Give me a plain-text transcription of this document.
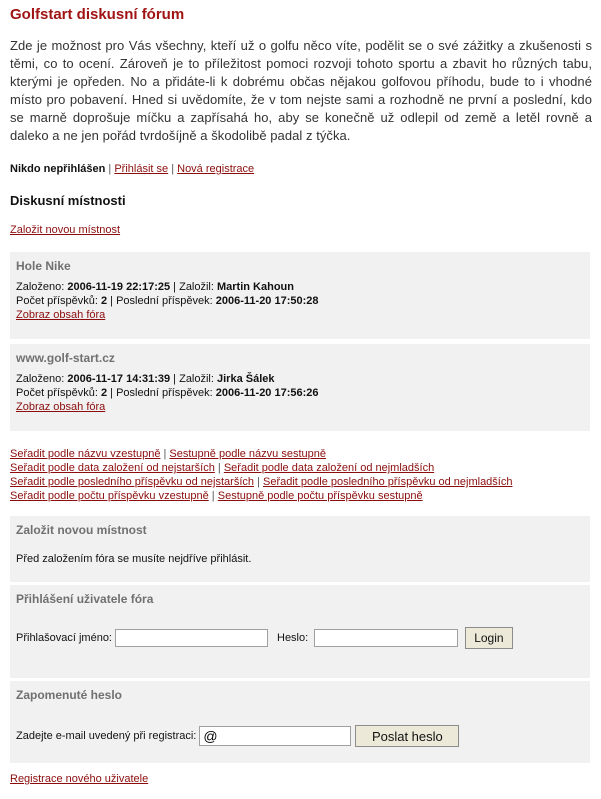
Golfstart diskusní fórum

Zde je možnost pro Vás všechny, kteří už o golfu něco víte, podělit se o své zážitky a zkušenosti s těmi, co to ocení. Zároveň je to příležitost pomoci rozvoji tohoto sportu a zbavit ho různých tabu, kterými je opředen. No a přidáte-li k dobrému občas nějakou golfovou příhodu, bude to i vhodné místo pro pobavení. Hned si uvědomíte, že v tom nejste sami a rozhodně ne první a poslední, kdo se marně doprošuje míčku a zapřísahá ho, aby se konečně už odlepil od země a letěl rovně a daleko a ne jen pořád tvrdošíjně a škodolibě padal z týčka.

Nikdo nepřihlášen | Přihlásit se | Nová registrace
Diskusní místnosti
Založit novou místnost
Hole Nike
Založeno: 2006-11-19 22:17:25 | Založil: Martin Kahoun
Počet příspěvků: 2 | Poslední příspěvek: 2006-11-20 17:50:28
Zobraz obsah fóra
www.golf-start.cz
Založeno: 2006-11-17 14:31:39 | Založil: Jirka Šálek
Počet příspěvků: 2 | Poslední příspěvek: 2006-11-20 17:56:26
Zobraz obsah fóra
Seřadit podle názvu vzestupně | Sestupně podle názvu sestupně
Seřadit podle data založení od nejstarších | Seřadit podle data založení od nejmladších
Seřadit podle posledního příspěvku od nejstarších | Seřadit podle posledního příspěvku od nejmladších
Seřadit podle počtu příspěvku vzestupně | Sestupně podle počtu příspěvku sestupně
Založit novou místnost
Před založením fóra se musíte nejdříve přihlásit.
Přihlášení uživatele fóra
Přihlašovací jméno:	Heslo:	Login
Zapomenuté heslo
Zadejte e-mail uvedený při registraci:
@	Poslat heslo
Registrace nového uživatele
